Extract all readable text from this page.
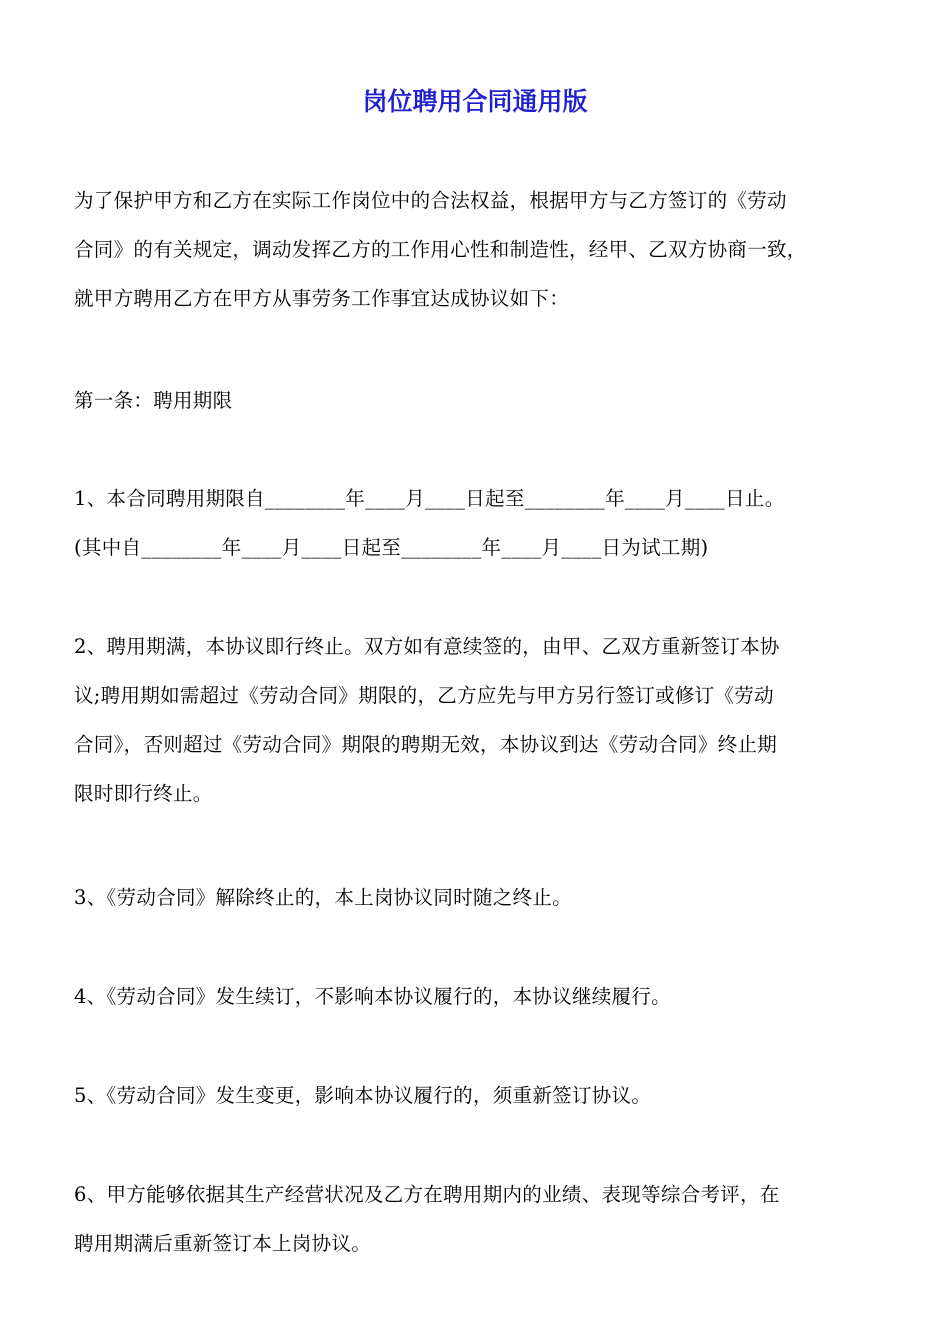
岗位聘用合同通用版

为了保护甲方和乙方在实际工作岗位中的合法权益，根据甲方与乙方签订的《劳动
合同》的有关规定，调动发挥乙方的工作用心性和制造性，经甲、乙双方协商一致，
就甲方聘用乙方在甲方从事劳务工作事宜达成协议如下：

第一条：聘用期限

1、本合同聘用期限自________年____月____日起至________年____月____日止。
(其中自________年____月____日起至________年____月____日为试工期)

2、聘用期满，本协议即行终止。双方如有意续签的，由甲、乙双方重新签订本协
议;聘用期如需超过《劳动合同》期限的，乙方应先与甲方另行签订或修订《劳动
合同》，否则超过《劳动合同》期限的聘期无效，本协议到达《劳动合同》终止期
限时即行终止。

3、《劳动合同》解除终止的，本上岗协议同时随之终止。

4、《劳动合同》发生续订，不影响本协议履行的，本协议继续履行。

5、《劳动合同》发生变更，影响本协议履行的，须重新签订协议。

6、甲方能够依据其生产经营状况及乙方在聘用期内的业绩、表现等综合考评，在
聘用期满后重新签订本上岗协议。
